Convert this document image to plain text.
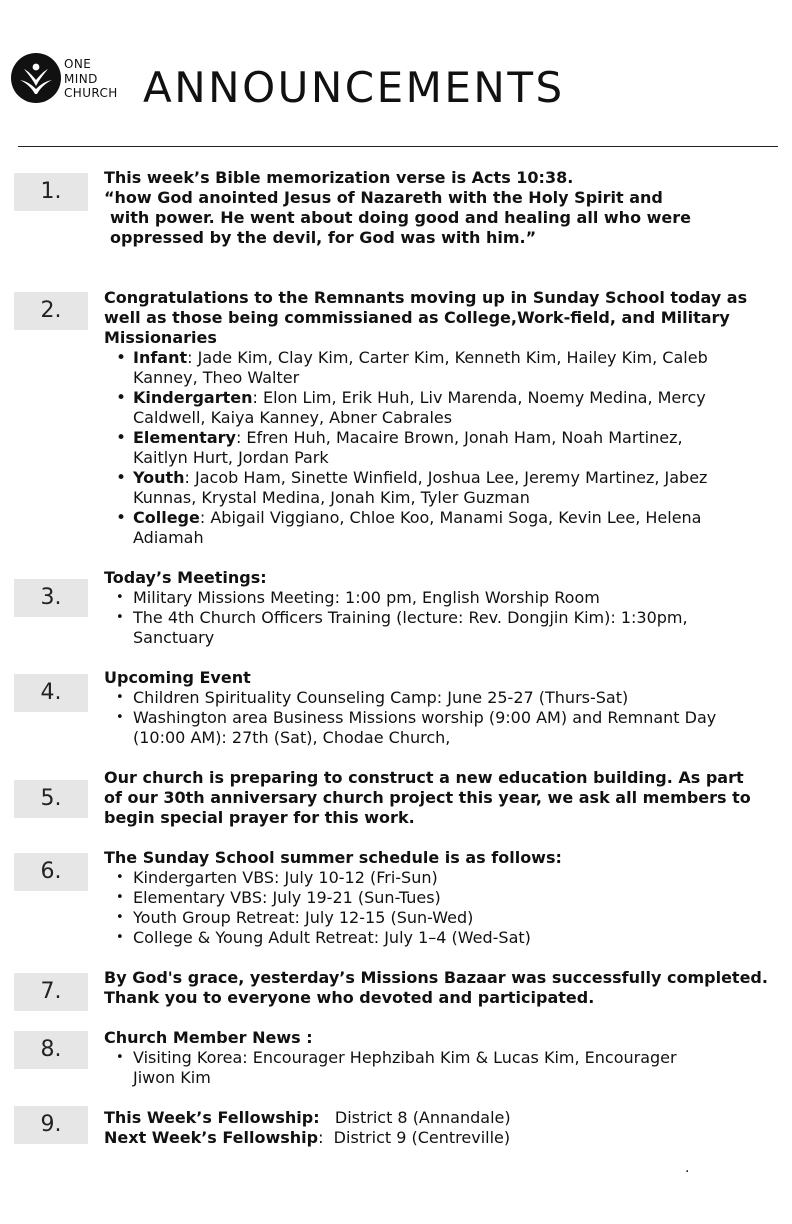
ONE
MIND
CHURCH ANNOUNCEMENTS
1.
This week’s Bible memorization verse is Acts 10:38.
“how God anointed Jesus of Nazareth with the Holy Spirit and
with power. He went about doing good and healing all who were
oppressed by the devil, for God was with him.”
2.
Congratulations to the Remnants moving up in Sunday School today as
well as those being commissianed as College,Work-field, and Military
Missionaries
• Infant: Jade Kim, Clay Kim, Carter Kim, Kenneth Kim, Hailey Kim, Caleb
Kanney, Theo Walter
• Kindergarten: Elon Lim, Erik Huh, Liv Marenda, Noemy Medina, Mercy
Caldwell, Kaiya Kanney, Abner Cabrales
• Elementary: Efren Huh, Macaire Brown, Jonah Ham, Noah Martinez,
Kaitlyn Hurt, Jordan Park
• Youth: Jacob Ham, Sinette Winfield, Joshua Lee, Jeremy Martinez, Jabez
Kunnas, Krystal Medina, Jonah Kim, Tyler Guzman
• College: Abigail Viggiano, Chloe Koo, Manami Soga, Kevin Lee, Helena
Adiamah
3.
Today’s Meetings:
• Military Missions Meeting: 1:00 pm, English Worship Room
• The 4th Church Officers Training (lecture: Rev. Dongjin Kim): 1:30pm,
Sanctuary
4.
Upcoming Event
• Children Spirituality Counseling Camp: June 25-27 (Thurs-Sat)
• Washington area Business Missions worship (9:00 AM) and Remnant Day
(10:00 AM): 27th (Sat), Chodae Church,
5.
Our church is preparing to construct a new education building. As part
of our 30th anniversary church project this year, we ask all members to
begin special prayer for this work.
6.
The Sunday School summer schedule is as follows:
• Kindergarten VBS: July 10-12 (Fri-Sun)
• Elementary VBS: July 19-21 (Sun-Tues)
• Youth Group Retreat: July 12-15 (Sun-Wed)
• College & Young Adult Retreat: July 1–4 (Wed-Sat)
7.
By God's grace, yesterday’s Missions Bazaar was successfully completed.
Thank you to everyone who devoted and participated.
8.	Church Member News :
• Visiting Korea: Encourager Hephzibah Kim & Lucas Kim, Encourager
Jiwon Kim
9.	This Week’s Fellowship:   District 8 (Annandale)
Next Week’s Fellowship:  District 9 (Centreville)
.
